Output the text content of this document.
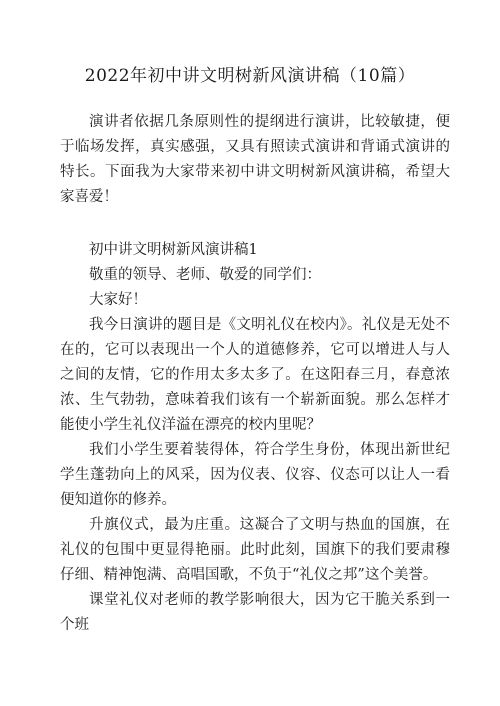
2022年初中讲文明树新风演讲稿（10篇）

演讲者依据几条原则性的提纲进行演讲，比较敏捷，便于临场发挥，真实感强，又具有照读式演讲和背诵式演讲的特长。下面我为大家带来初中讲文明树新风演讲稿，希望大家喜爱！

初中讲文明树新风演讲稿1

敬重的领导、老师、敬爱的同学们：

大家好！

我今日演讲的题目是《文明礼仪在校内》。礼仪是无处不在的，它可以表现出一个人的道德修养，它可以增进人与人之间的友情，它的作用太多太多了。在这阳春三月，春意浓浓、生气勃勃，意味着我们该有一个崭新面貌。那么怎样才能使小学生礼仪洋溢在漂亮的校内里呢？

我们小学生要着装得体，符合学生身份，体现出新世纪学生蓬勃向上的风采，因为仪表、仪容、仪态可以让人一看便知道你的修养。

升旗仪式，最为庄重。这凝合了文明与热血的国旗，在礼仪的包围中更显得艳丽。此时此刻，国旗下的我们要肃穆仔细、精神饱满、高唱国歌，不负于“礼仪之邦”这个美誉。

课堂礼仪对老师的教学影响很大，因为它干脆关系到一个班
